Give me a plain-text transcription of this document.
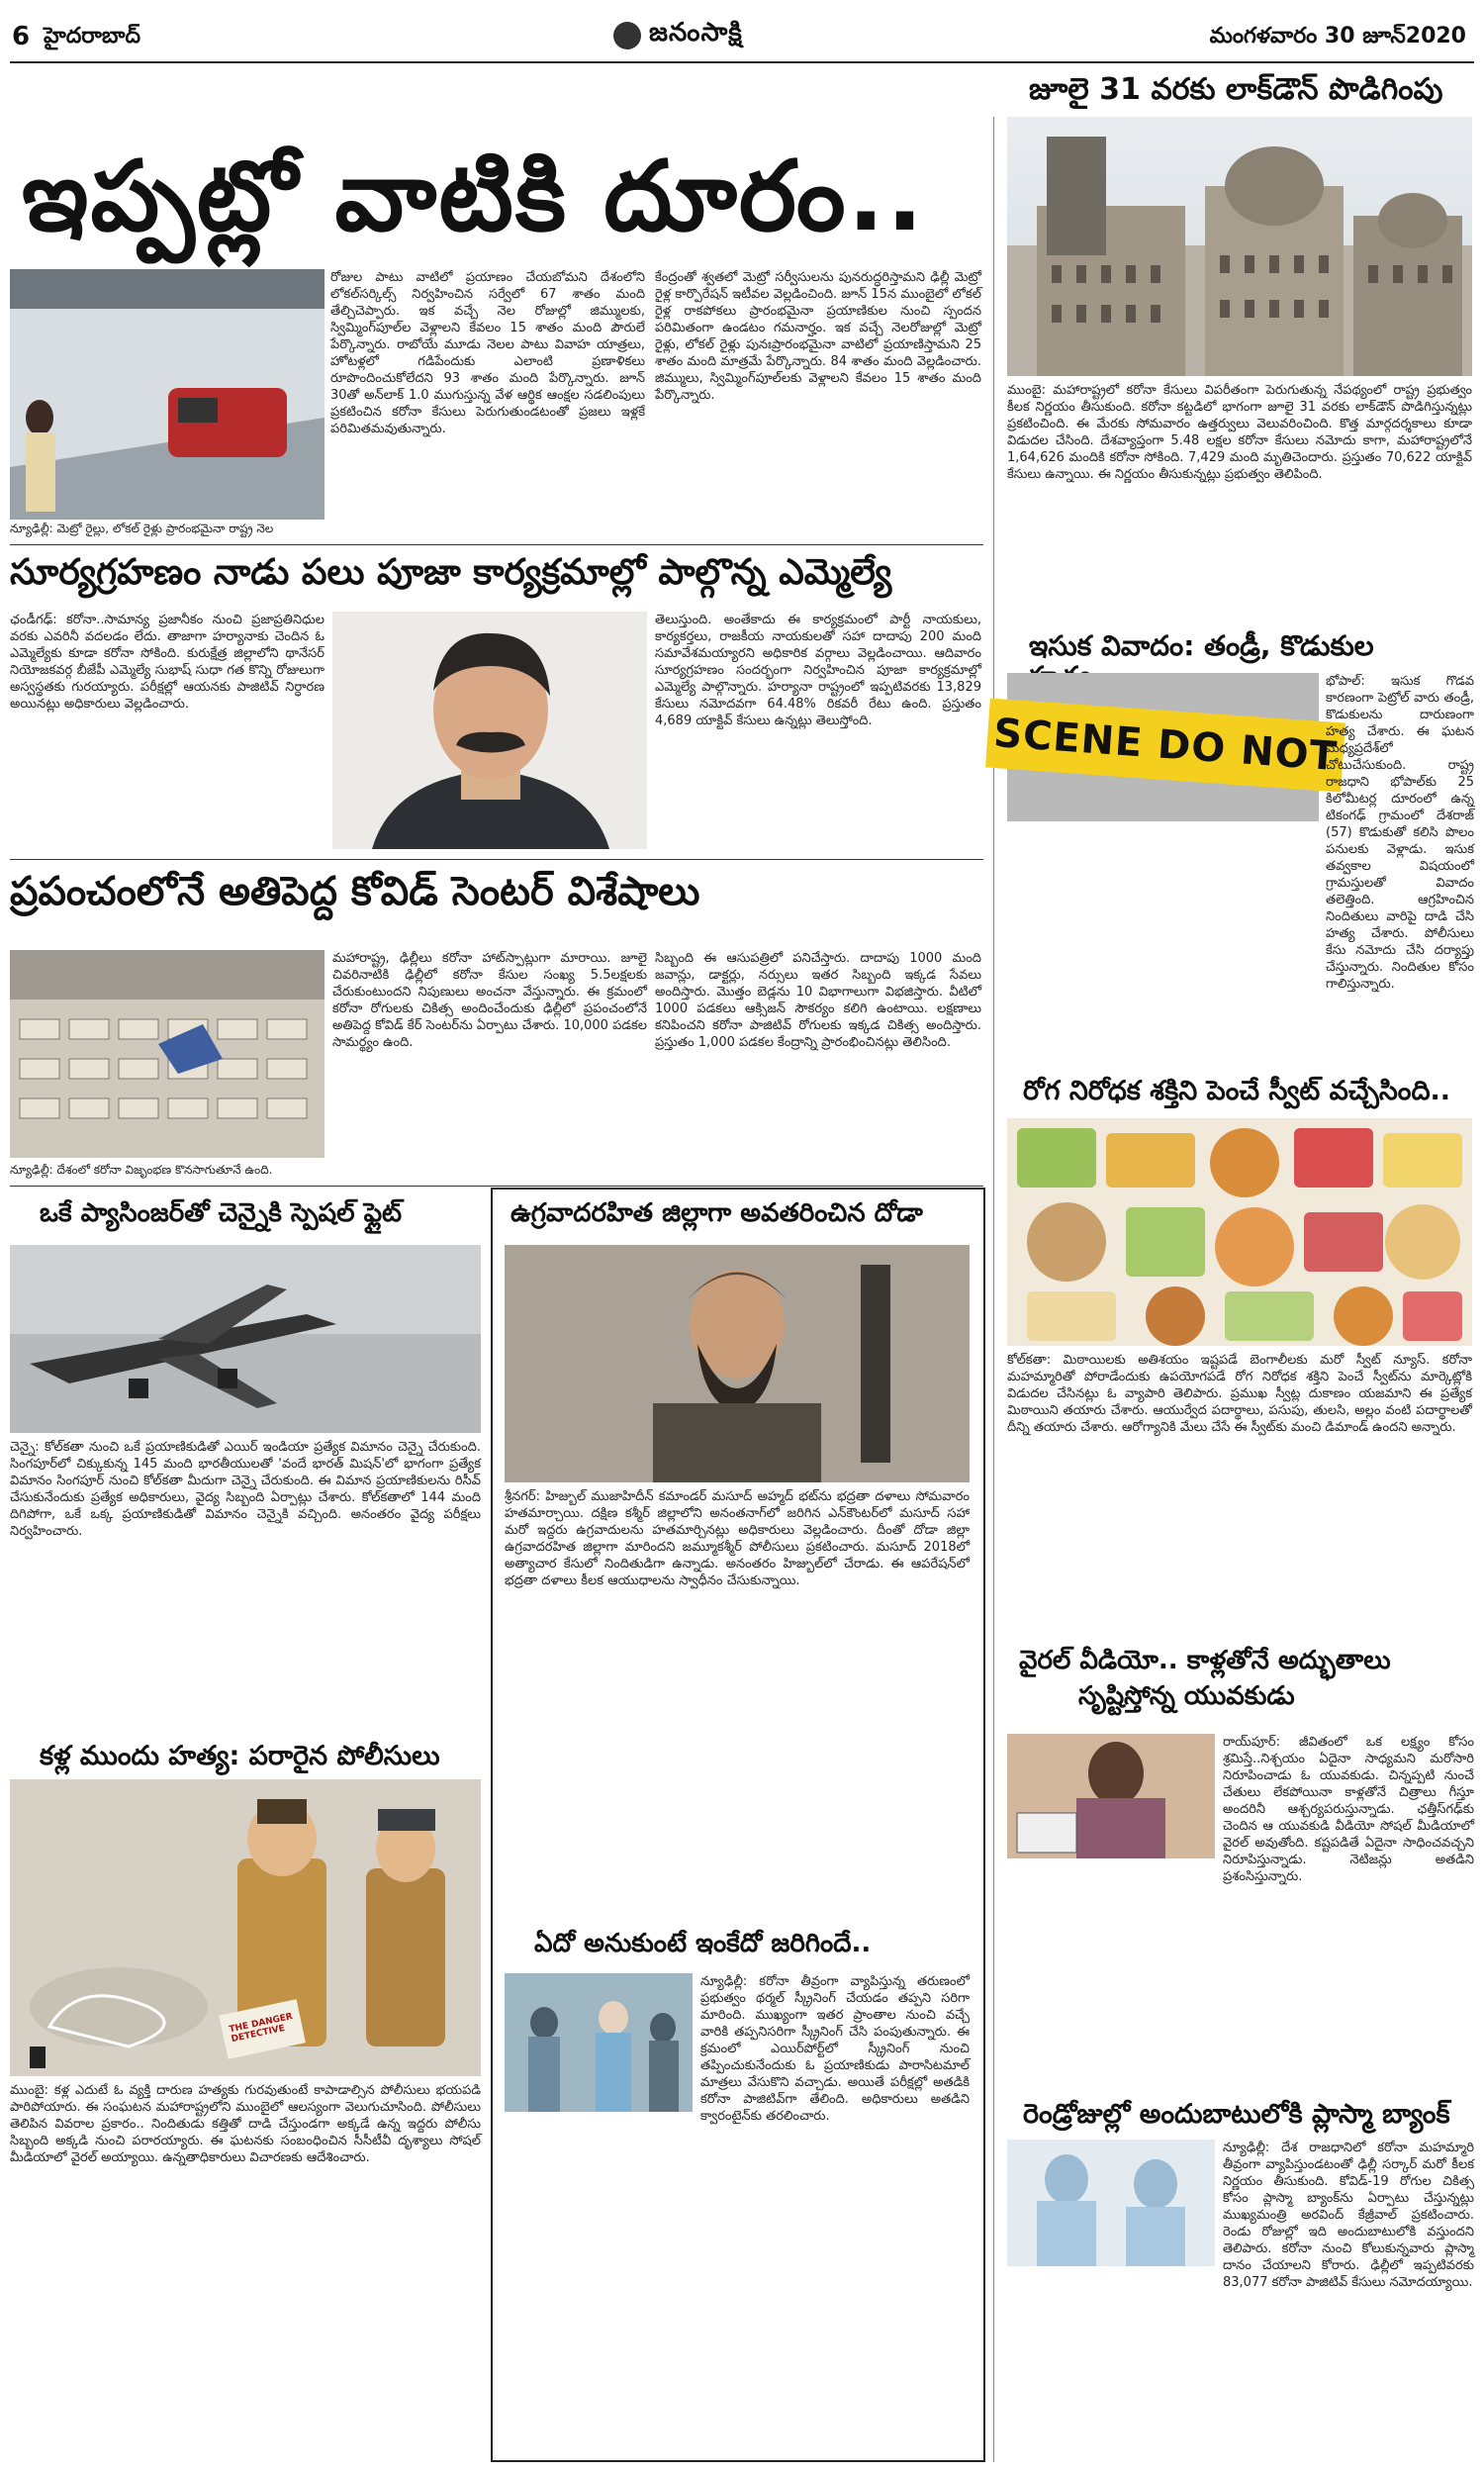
6 హైదరాబాద్	జనంసాక్షి	మంగళవారం 30 జూన్2020
జూలై 31 వరకు లాక్‌డౌన్ పొడిగింపు
ముంబై: మహారాష్ట్రలో కరోనా కేసులు విపరీతంగా పెరుగుతున్న నేపథ్యంలో రాష్ట్ర ప్రభుత్వం కీలక నిర్ణయం తీసుకుంది. కరోనా కట్టడిలో భాగంగా జూలై 31 వరకు లాక్‌డౌన్ పొడిగిస్తున్నట్లు ప్రకటించింది. ఈ మేరకు సోమవారం ఉత్తర్వులు వెలువరించింది. కొత్త మార్గదర్శకాలు కూడా విడుదల చేసింది. దేశవ్యాప్తంగా 5.48 లక్షల కరోనా కేసులు నమోదు కాగా, మహారాష్ట్రలోనే 1,64,626 మందికి కరోనా సోకింది. 7,429 మంది మృతిచెందారు. ప్రస్తుతం 70,622 యాక్టివ్ కేసులు ఉన్నాయి. ఈ నిర్ణయం తీసుకున్నట్లు ప్రభుత్వం తెలిపింది.
ఇసుక వివాదం: తండ్రీ, కొడుకుల
SCENE DO NOT
భోపాల్: ఇసుక గొడవ కారణంగా పెట్రోల్ వారు తండ్రీ, కొడుకులను దారుణంగా హత్య చేశారు. ఈ ఘటన మధ్యప్రదేశ్‌లో చోటుచేసుకుంది. రాష్ట్ర రాజధాని భోపాల్‌కు 25 కిలోమీటర్ల దూరంలో ఉన్న టికంగఢ్ గ్రామంలో దేశరాజ్ (57) కొడుకుతో కలిసి పొలం పనులకు వెళ్లాడు. ఇసుక తవ్వకాల విషయంలో గ్రామస్తులతో వివాదం తలెత్తింది. ఆగ్రహించిన నిందితులు వారిపై దాడి చేసి హత్య చేశారు. పోలీసులు కేసు నమోదు చేసి దర్యాప్తు చేస్తున్నారు. నిందితుల కోసం గాలిస్తున్నారు.
రోగ నిరోధక శక్తిని పెంచే స్వీట్ వచ్చేసింది..
కోల్‌కతా: మిఠాయిలకు అతిశయం ఇష్టపడే బెంగాలీలకు మరో స్వీట్ న్యూస్. కరోనా మహమ్మారితో పోరాడేందుకు ఉపయోగపడే రోగ నిరోధక శక్తిని పెంచే స్వీట్‌ను మార్కెట్లోకి విడుదల చేసినట్లు ఓ వ్యాపారి తెలిపారు. ప్రముఖ స్వీట్ల దుకాణం యజమాని ఈ ప్రత్యేక మిఠాయిని తయారు చేశారు. ఆయుర్వేద పదార్థాలు, పసుపు, తులసి, అల్లం వంటి పదార్థాలతో దీన్ని తయారు చేశారు. ఆరోగ్యానికి మేలు చేసే ఈ స్వీట్‌కు మంచి డిమాండ్ ఉందని అన్నారు.
వైరల్ వీడియో.. కాళ్లతోనే అద్భుతాలు
సృష్టిస్తోన్న యువకుడు
రాయ్‌పూర్: జీవితంలో ఒక లక్ష్యం కోసం శ్రమిస్తే..నిశ్చయం ఏదైనా సాధ్యమని మరోసారి నిరూపించాడు ఓ యువకుడు. చిన్నప్పటి నుంచే చేతులు లేకపోయినా కాళ్లతోనే చిత్రాలు గీస్తూ అందరినీ ఆశ్చర్యపరుస్తున్నాడు. ఛత్తీస్‌గఢ్‌కు చెందిన ఆ యువకుడి వీడియో సోషల్ మీడియాలో వైరల్ అవుతోంది. కష్టపడితే ఏదైనా సాధించవచ్చని నిరూపిస్తున్నాడు. నెటిజన్లు అతడిని ప్రశంసిస్తున్నారు.
రెండ్రోజుల్లో అందుబాటులోకి ప్లాస్మా బ్యాంక్
న్యూఢిల్లీ: దేశ రాజధానిలో కరోనా మహమ్మారి తీవ్రంగా వ్యాపిస్తుండటంతో ఢిల్లీ సర్కార్ మరో కీలక నిర్ణయం తీసుకుంది. కోవిడ్-19 రోగుల చికిత్స కోసం ప్లాస్మా బ్యాంక్‌ను ఏర్పాటు చేస్తున్నట్లు ముఖ్యమంత్రి అరవింద్ కేజ్రీవాల్ ప్రకటించారు. రెండు రోజుల్లో ఇది అందుబాటులోకి వస్తుందని తెలిపారు. కరోనా నుంచి కోలుకున్నవారు ప్లాస్మా దానం చేయాలని కోరారు. ఢిల్లీలో ఇప్పటివరకు 83,077 కరోనా పాజిటివ్ కేసులు నమోదయ్యాయి.
ఇప్పట్లో వాటికి దూరం..
న్యూఢిల్లీ: మెట్రో రైల్లు, లోకల్ రైళ్లు ప్రారంభమైనా రాష్ట్ర నెల
రోజుల పాటు వాటిలో ప్రయాణం చేయబోమని దేశంలోని లోకల్‌సర్కిల్స్ నిర్వహించిన సర్వేలో 67 శాతం మంది తేల్చిచెప్పారు. ఇక వచ్చే నెల రోజుల్లో జిమ్ములకు, స్విమ్మింగ్‌పూల్‌ల వెళ్లాలని కేవలం 15 శాతం మంది పౌరులే పేర్కొన్నారు. రాబోయే మూడు నెలల పాటు వివాహ యాత్రలు, హోటళ్లలో గడిపేందుకు ఎలాంటి ప్రణాళికలు రూపొందించుకోలేదని 93 శాతం మంది పేర్కొన్నారు. జూన్ 30తో అన్‌లాక్ 1.0 ముగుస్తున్న వేళ ఆర్థిక ఆంక్షల సడలింపులు ప్రకటించిన కరోనా కేసులు పెరుగుతుండటంతో ప్రజలు ఇళ్లకే పరిమితమవుతున్నారు.
కేంద్రంతో శ్వతలో మెట్రో సర్వీసులను పునరుద్ధరిస్తామని ఢిల్లీ మెట్రో రైళ్ల కార్పొరేషన్ ఇటీవల వెల్లడించింది. జూన్ 15న ముంబైలో లోకల్ రైళ్ల రాకపోకలు ప్రారంభమైనా ప్రయాణికుల నుంచి స్పందన పరిమితంగా ఉండటం గమనార్హం. ఇక వచ్చే నెలరోజుల్లో మెట్రో రైళ్లు, లోకల్ రైళ్లు పునఃప్రారంభమైనా వాటిలో ప్రయాణిస్తామని 25 శాతం మంది మాత్రమే పేర్కొన్నారు. 84 శాతం మంది వెల్లడించారు. జిమ్ములు, స్విమ్మింగ్‌పూల్‌లకు వెళ్లాలని కేవలం 15 శాతం మంది పేర్కొన్నారు.
సూర్యగ్రహణం నాడు పలు పూజా కార్యక్రమాల్లో పాల్గొన్న ఎమ్మెల్యే
ఛండీగఢ్: కరోనా..సామాన్య ప్రజానీకం నుంచి ప్రజాప్రతినిధుల వరకు ఎవరినీ వదలడం లేదు. తాజాగా హర్యానాకు చెందిన ఓ ఎమ్మెల్యేకు కూడా కరోనా సోకింది. కురుక్షేత్ర జిల్లాలోని థానేసర్ నియోజకవర్గ బీజేపీ ఎమ్మెల్యే సుభాష్ సుధా గత కొన్ని రోజులుగా అస్వస్థతకు గురయ్యారు. పరీక్షల్లో ఆయనకు పాజిటివ్ నిర్ధారణ అయినట్లు అధికారులు వెల్లడించారు.
తెలుస్తుంది. అంతేకాదు ఈ కార్యక్రమంలో పార్టీ నాయకులు, కార్యకర్తలు, రాజకీయ నాయకులతో సహా దాదాపు 200 మంది సమావేశమయ్యారని అధికారిక వర్గాలు వెల్లడించాయి. ఆదివారం సూర్యగ్రహణం సందర్భంగా నిర్వహించిన పూజా కార్యక్రమాల్లో ఎమ్మెల్యే పాల్గొన్నారు. హర్యానా రాష్ట్రంలో ఇప్పటివరకు 13,829 కేసులు నమోదవగా 64.48% రికవరీ రేటు ఉంది. ప్రస్తుతం 4,689 యాక్టివ్ కేసులు ఉన్నట్లు తెలుస్తోంది.
ప్రపంచంలోనే అతిపెద్ద కోవిడ్ సెంటర్ విశేషాలు
న్యూఢిల్లీ: దేశంలో కరోనా విజృంభణ కొనసాగుతూనే ఉంది.
మహారాష్ట్ర, ఢిల్లీలు కరోనా హాట్‌స్పాట్లుగా మారాయి. జూలై చివరినాటికి ఢిల్లీలో కరోనా కేసుల సంఖ్య 5.5లక్షలకు చేరుకుంటుందని నిపుణులు అంచనా వేస్తున్నారు. ఈ క్రమంలో కరోనా రోగులకు చికిత్స అందించేందుకు ఢిల్లీలో ప్రపంచంలోనే అతిపెద్ద కోవిడ్ కేర్ సెంటర్‌ను ఏర్పాటు చేశారు. 10,000 పడకల సామర్థ్యం ఉంది.
సిబ్బంది ఈ ఆసుపత్రిలో పనిచేస్తారు. దాదాపు 1000 మంది జవాన్లు, డాక్టర్లు, నర్సులు ఇతర సిబ్బంది ఇక్కడ సేవలు అందిస్తారు. మొత్తం బెడ్లను 10 విభాగాలుగా విభజిస్తారు. వీటిలో 1000 పడకలు ఆక్సిజన్ సౌకర్యం కలిగి ఉంటాయి. లక్షణాలు కనిపించని కరోనా పాజిటివ్ రోగులకు ఇక్కడ చికిత్స అందిస్తారు. ప్రస్తుతం 1,000 పడకల కేంద్రాన్ని ప్రారంభించినట్లు తెలిసింది.
ఒకే ప్యాసింజర్‌తో చెన్నైకి స్పెషల్ ఫ్లైట్
చెన్నై: కోల్‌కతా నుంచి ఒకే ప్రయాణికుడితో ఎయిర్ ఇండియా ప్రత్యేక విమానం చెన్నై చేరుకుంది. సింగపూర్‌లో చిక్కుకున్న 145 మంది భారతీయులతో 'వందే భారత్ మిషన్'లో భాగంగా ప్రత్యేక విమానం సింగపూర్ నుంచి కోల్‌కతా మీదుగా చెన్నై చేరుకుంది. ఈ విమాన ప్రయాణికులను రిసీవ్ చేసుకునేందుకు ప్రత్యేక అధికారులు, వైద్య సిబ్బంది ఏర్పాట్లు చేశారు. కోల్‌కతాలో 144 మంది దిగిపోగా, ఒకే ఒక్క ప్రయాణికుడితో విమానం చెన్నైకి వచ్చింది. అనంతరం వైద్య పరీక్షలు నిర్వహించారు.
కళ్ల ముందు హత్య: పరారైన పోలీసులు
THE DANGER DETECTIVE
ముంబై: కళ్ల ఎదుటే ఓ వ్యక్తి దారుణ హత్యకు గురవుతుంటే కాపాడాల్సిన పోలీసులు భయపడి పారిపోయారు. ఈ సంఘటన మహారాష్ట్రలోని ముంబైలో ఆలస్యంగా వెలుగుచూసింది. పోలీసులు తెలిపిన వివరాల ప్రకారం.. నిందితుడు కత్తితో దాడి చేస్తుండగా అక్కడే ఉన్న ఇద్దరు పోలీసు సిబ్బంది అక్కడి నుంచి పరారయ్యారు. ఈ ఘటనకు సంబంధించిన సీసీటీవీ దృశ్యాలు సోషల్ మీడియాలో వైరల్ అయ్యాయి. ఉన్నతాధికారులు విచారణకు ఆదేశించారు.
ఉగ్రవాదరహిత జిల్లాగా అవతరించిన దోడా
శ్రీనగర్: హిజ్బుల్ ముజాహిదీన్ కమాండర్ మసూద్ అహ్మద్ భట్‌ను భద్రతా దళాలు సోమవారం హతమార్చాయి. దక్షిణ కశ్మీర్ జిల్లాలోని అనంతనాగ్‌లో జరిగిన ఎన్‌కౌంటర్‌లో మసూద్ సహా మరో ఇద్దరు ఉగ్రవాదులను హతమార్చినట్లు అధికారులు వెల్లడించారు. దీంతో దోడా జిల్లా ఉగ్రవాదరహిత జిల్లాగా మారిందని జమ్మూకశ్మీర్ పోలీసులు ప్రకటించారు. మసూద్ 2018లో అత్యాచార కేసులో నిందితుడిగా ఉన్నాడు. అనంతరం హిజ్బుల్‌లో చేరాడు. ఈ ఆపరేషన్‌లో భద్రతా దళాలు కీలక ఆయుధాలను స్వాధీనం చేసుకున్నాయి.
ఏదో అనుకుంటే ఇంకేదో జరిగిందే..
న్యూఢిల్లీ: కరోనా తీవ్రంగా వ్యాపిస్తున్న తరుణంలో ప్రభుత్వం థర్మల్ స్క్రీనింగ్ చేయడం తప్పని సరిగా మారింది. ముఖ్యంగా ఇతర ప్రాంతాల నుంచి వచ్చే వారికి తప్పనిసరిగా స్క్రీనింగ్ చేసి పంపుతున్నారు. ఈ క్రమంలో ఎయిర్‌పోర్ట్‌లో స్క్రీనింగ్ నుంచి తప్పించుకునేందుకు ఓ ప్రయాణికుడు పారాసిటమాల్ మాత్రలు వేసుకొని వచ్చాడు. అయితే పరీక్షల్లో అతడికి కరోనా పాజిటివ్‌గా తేలింది. అధికారులు అతడిని క్వారంటైన్‌కు తరలించారు.
